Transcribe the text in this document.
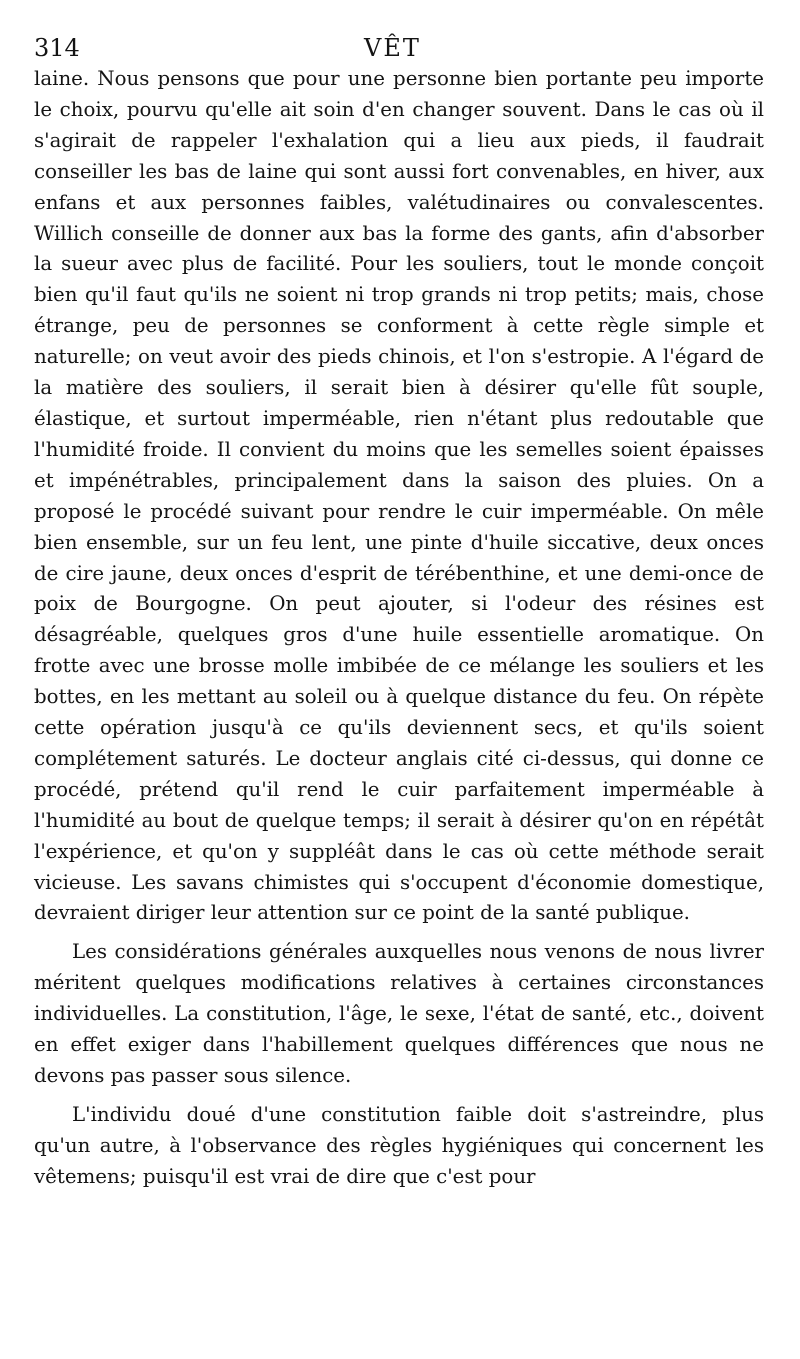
314	VÊT

laine. Nous pensons que pour une personne bien portante peu importe le choix, pourvu qu'elle ait soin d'en changer souvent. Dans le cas où il s'agirait de rappeler l'exhalation qui a lieu aux pieds, il faudrait conseiller les bas de laine qui sont aussi fort convenables, en hiver, aux enfans et aux personnes faibles, valétudinaires ou convalescentes. Willich conseille de donner aux bas la forme des gants, afin d'absorber la sueur avec plus de facilité. Pour les souliers, tout le monde conçoit bien qu'il faut qu'ils ne soient ni trop grands ni trop petits; mais, chose étrange, peu de personnes se conforment à cette règle simple et naturelle; on veut avoir des pieds chinois, et l'on s'estropie. A l'égard de la matière des souliers, il serait bien à désirer qu'elle fût souple, élastique, et surtout imperméable, rien n'étant plus redoutable que l'humidité froide. Il convient du moins que les semelles soient épaisses et impénétrables, principalement dans la saison des pluies. On a proposé le procédé suivant pour rendre le cuir imperméable. On mêle bien ensemble, sur un feu lent, une pinte d'huile siccative, deux onces de cire jaune, deux onces d'esprit de térébenthine, et une demi-once de poix de Bourgogne. On peut ajouter, si l'odeur des résines est désagréable, quelques gros d'une huile essentielle aromatique. On frotte avec une brosse molle imbibée de ce mélange les souliers et les bottes, en les mettant au soleil ou à quelque distance du feu. On répète cette opération jusqu'à ce qu'ils deviennent secs, et qu'ils soient complétement saturés. Le docteur anglais cité ci-dessus, qui donne ce procédé, prétend qu'il rend le cuir parfaitement imperméable à l'humidité au bout de quelque temps; il serait à désirer qu'on en répétât l'expérience, et qu'on y suppléât dans le cas où cette méthode serait vicieuse. Les savans chimistes qui s'occupent d'économie domestique, devraient diriger leur attention sur ce point de la santé publique.

Les considérations générales auxquelles nous venons de nous livrer méritent quelques modifications relatives à certaines circonstances individuelles. La constitution, l'âge, le sexe, l'état de santé, etc., doivent en effet exiger dans l'habillement quelques différences que nous ne devons pas passer sous silence.

L'individu doué d'une constitution faible doit s'astreindre, plus qu'un autre, à l'observance des règles hygiéniques qui concernent les vêtemens; puisqu'il est vrai de dire que c'est pour
